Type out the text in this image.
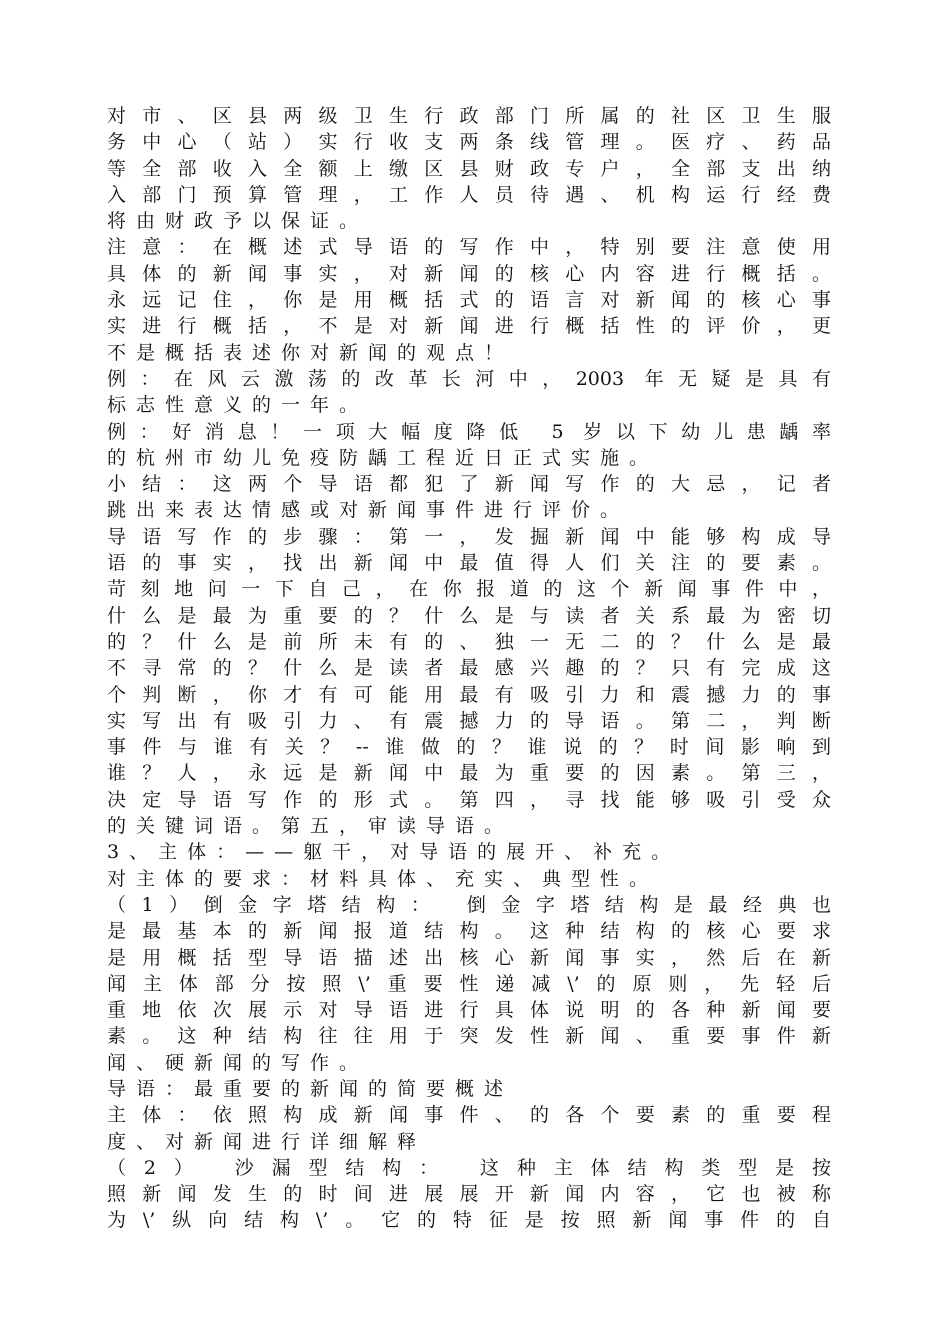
对市、区县两级卫生行政部门所属的社区卫生服
务中心（站）实行收支两条线管理。医疗、药品
等全部收入全额上缴区县财政专户，全部支出纳
入部门预算管理，工作人员待遇、机构运行经费
将由财政予以保证。
注意：在概述式导语的写作中，特别要注意使用
具体的新闻事实，对新闻的核心内容进行概括。
永远记住，你是用概括式的语言对新闻的核心事
实进行概括，不是对新闻进行概括性的评价，更
不是概括表述你对新闻的观点！
例：在风云激荡的改革长河中，2003 年无疑是具有
标志性意义的一年。
例：好消息！一项大幅度降低 5 岁以下幼儿患龋率
的杭州市幼儿免疫防龋工程近日正式实施。
小结：这两个导语都犯了新闻写作的大忌，记者
跳出来表达情感或对新闻事件进行评价。
导语写作的步骤：第一，发掘新闻中能够构成导
语的事实，找出新闻中最值得人们关注的要素。
苛刻地问一下自己，在你报道的这个新闻事件中，
什么是最为重要的？什么是与读者关系最为密切
的？什么是前所未有的、独一无二的？什么是最
不寻常的？什么是读者最感兴趣的？只有完成这
个判断，你才有可能用最有吸引力和震撼力的事
实写出有吸引力、有震撼力的导语。第二，判断
事件与谁有关？--谁做的？谁说的？时间影响到
谁？人，永远是新闻中最为重要的因素。第三，
决定导语写作的形式。第四，寻找能够吸引受众
的关键词语。第五，审读导语。
3、主体：——躯干，对导语的展开、补充。
对主体的要求：材料具体、充实、典型性。
（1）倒金字塔结构： 倒金字塔结构是最经典也
是最基本的新闻报道结构。这种结构的核心要求
是用概括型导语描述出核心新闻事实，然后在新
闻主体部分按照\’重要性递减\’的原则，先轻后
重地依次展示对导语进行具体说明的各种新闻要
素。这种结构往往用于突发性新闻、重要事件新
闻、硬新闻的写作。
导语：最重要的新闻的简要概述
主体：依照构成新闻事件、的各个要素的重要程
度、对新闻进行详细解释
（2） 沙漏型结构： 这种主体结构类型是按
照新闻发生的时间进展展开新闻内容，它也被称
为\’纵向结构\’。它的特征是按照新闻事件的自
